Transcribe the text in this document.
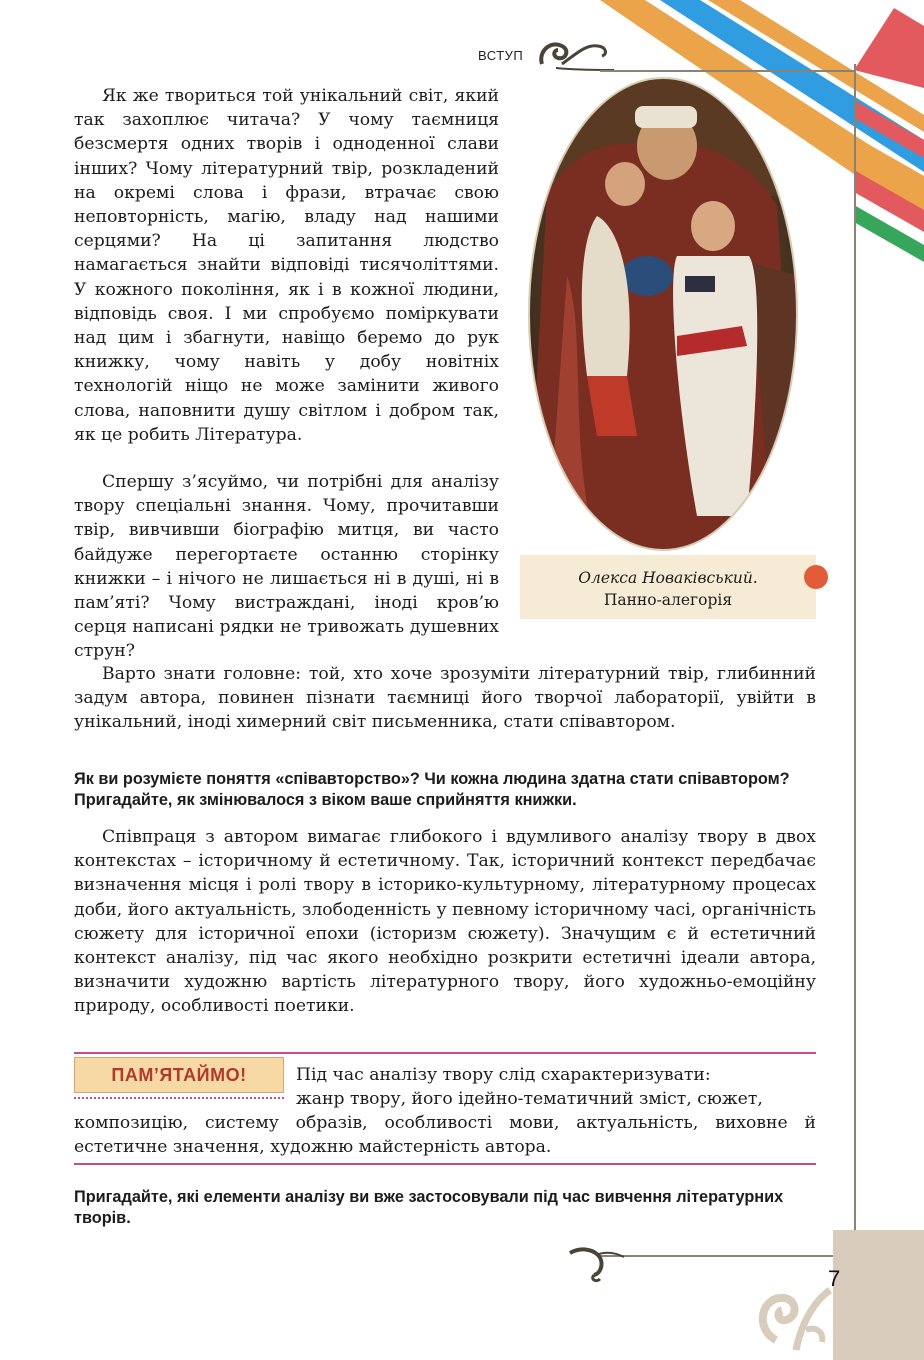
ВСТУП
Олекса Новаківський.
Панно-алегорія

Як же твориться той унікальний світ, який так захоплює читача? У чому таємниця безсмертя одних творів і одноденної слави інших? Чому літературний твір, розкладений на окремі слова і фрази, втрачає свою неповторність, магію, владу над нашими серцями? На ці запитання людство намагається знайти відповіді тисячоліттями. У кожного покоління, як і в кожної людини, відповідь своя. І ми спробуємо поміркувати над цим і збагнути, навіщо беремо до рук книжку, чому навіть у добу новітніх технологій ніщо не може замінити живого слова, наповнити душу світлом і добром так, як це робить Література.

Спершу з’ясуймо, чи потрібні для аналізу твору спеціальні знання. Чому, прочитавши твір, вивчивши біографію митця, ви часто байдуже перегортаєте останню сторінку книжки – і нічого не лишається ні в душі, ні в пам’яті? Чому вистраждані, іноді кров’ю серця написані рядки не тривожать душевних струн?

Варто знати головне: той, хто хоче зрозуміти літературний твір, глибинний задум автора, повинен пізнати таємниці його творчої лабораторії, увійти в унікальний, іноді химерний світ письменника, стати співавтором.

Як ви розумієте поняття «співавторство»? Чи кожна людина здатна стати співавтором? Пригадайте, як змінювалося з віком ваше сприйняття книжки.

Співпраця з автором вимагає глибокого і вдумливого аналізу твору в двох контекстах – історичному й естетичному. Так, історичний контекст передбачає визначення місця і ролі твору в історико-культурному, літературному процесах доби, його актуальність, злободенність у певному історичному часі, органічність сюжету для історичної епохи (історизм сюжету). Значущим є й естетичний контекст аналізу, під час якого необхідно розкрити естетичні ідеали автора, визначити художню вартість літературного твору, його художньо-емоційну природу, особливості поетики.

ПАМ’ЯТАЙМО!	Під час аналізу твору слід схарактеризувати:

жанр твору, його ідейно-тематичний зміст, сюжет,

композицію, систему образів, особливості мови, актуальність, виховне й естетичне значення, художню майстерність автора.

Пригадайте, які елементи аналізу ви вже застосовували під час вивчення літературних творів.

7
